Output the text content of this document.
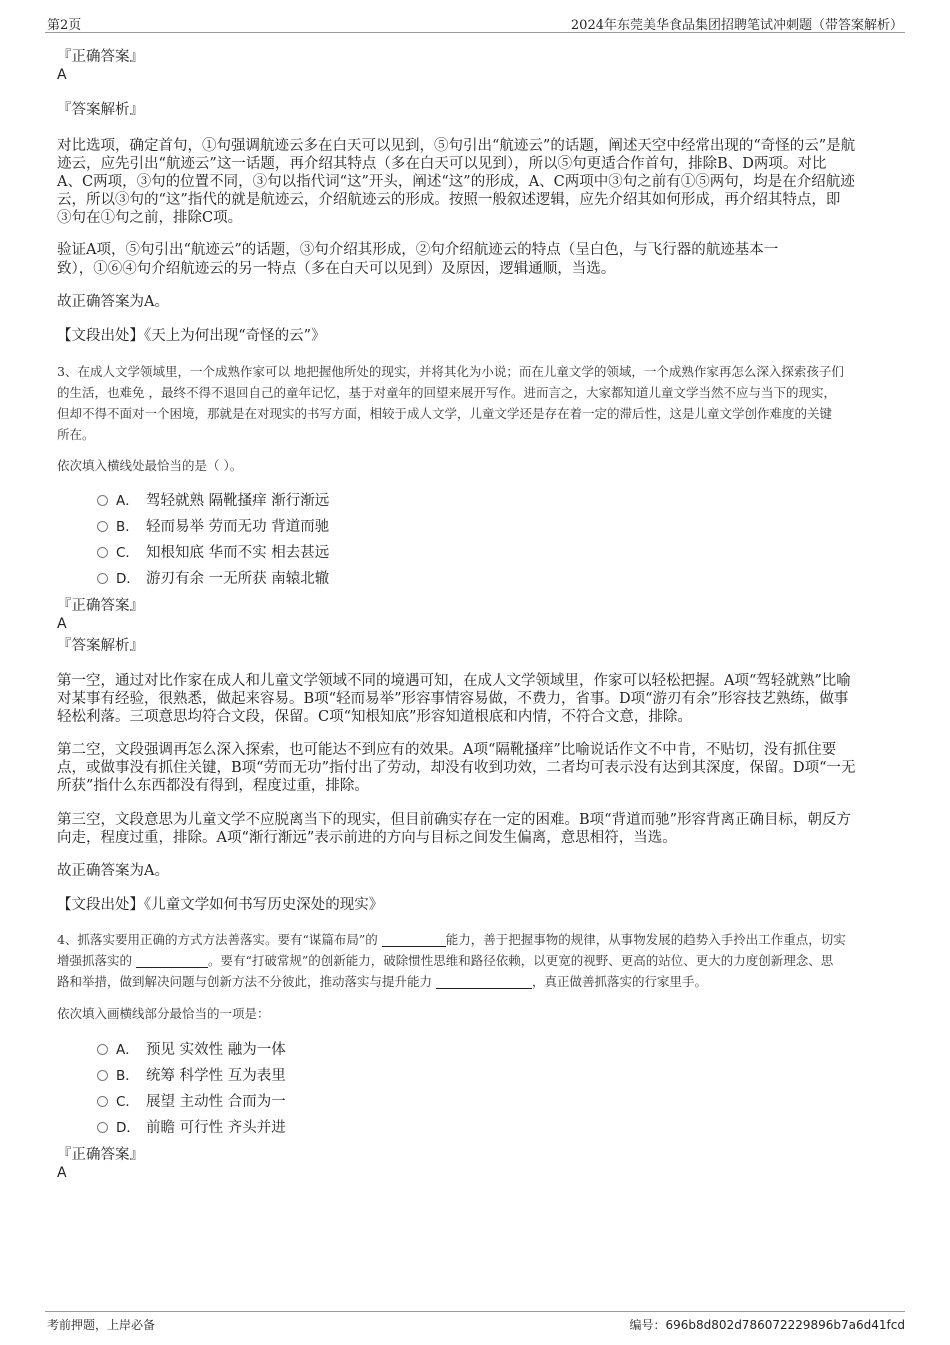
第2页	2024年东莞美华食品集团招聘笔试冲刺题（带答案解析）
『正确答案』
A
『答案解析』
对比选项，确定首句，①句强调航迹云多在白天可以见到，⑤句引出“航迹云”的话题，阐述天空中经常出现的“奇怪的云”是航
迹云，应先引出“航迹云”这一话题，再介绍其特点（多在白天可以见到），所以⑤句更适合作首句，排除B、D两项。对比
A、C两项，③句的位置不同，③句以指代词“这”开头，阐述“这”的形成，A、C两项中③句之前有①⑤两句，均是在介绍航迹
云，所以③句的“这”指代的就是航迹云，介绍航迹云的形成。按照一般叙述逻辑，应先介绍其如何形成，再介绍其特点，即
③句在①句之前，排除C项。
验证A项，⑤句引出“航迹云”的话题，③句介绍其形成，②句介绍航迹云的特点（呈白色，与飞行器的航迹基本一
致），①⑥④句介绍航迹云的另一特点（多在白天可以见到）及原因，逻辑通顺，当选。
故正确答案为A。
【文段出处】《天上为何出现“奇怪的云”》
3、在成人文学领域里，一个成熟作家可以 地把握他所处的现实，并将其化为小说；而在儿童文学的领域，一个成熟作家再怎么深入探索孩子们
的生活，也难免 ，最终不得不退回自己的童年记忆，基于对童年的回望来展开写作。进而言之，大家都知道儿童文学当然不应与当下的现实，
但却不得不面对一个困境，那就是在对现实的书写方面，相较于成人文学，儿童文学还是存在着一定的滞后性，这是儿童文学创作难度的关键
所在。
依次填入横线处最恰当的是（ ）。
A． 驾轻就熟 隔靴搔痒 渐行渐远
B． 轻而易举 劳而无功 背道而驰
C． 知根知底 华而不实 相去甚远
D． 游刃有余 一无所获 南辕北辙
『正确答案』
A
『答案解析』
第一空，通过对比作家在成人和儿童文学领域不同的境遇可知，在成人文学领域里，作家可以轻松把握。A项“驾轻就熟”比喻
对某事有经验，很熟悉，做起来容易。B项“轻而易举”形容事情容易做，不费力，省事。D项“游刃有余”形容技艺熟练，做事
轻松利落。三项意思均符合文段，保留。C项“知根知底”形容知道根底和内情，不符合文意，排除。
第二空，文段强调再怎么深入探索，也可能达不到应有的效果。A项“隔靴搔痒”比喻说话作文不中肯，不贴切，没有抓住要
点，或做事没有抓住关键，B项“劳而无功”指付出了劳动，却没有收到功效，二者均可表示没有达到其深度，保留。D项“一无
所获”指什么东西都没有得到，程度过重，排除。
第三空，文段意思为儿童文学不应脱离当下的现实，但目前确实存在一定的困难。B项“背道而驰”形容背离正确目标，朝反方
向走，程度过重，排除。A项“渐行渐远”表示前进的方向与目标之间发生偏离，意思相符，当选。
故正确答案为A。
【文段出处】《儿童文学如何书写历史深处的现实》
4、抓落实要用正确的方式方法善落实。要有“谋篇布局”的	能力，善于把握事物的规律，从事物发展的趋势入手拎出工作重点，切实
增强抓落实的	。要有“打破常规”的创新能力，破除惯性思维和路径依赖，以更宽的视野、更高的站位、更大的力度创新理念、思
路和举措，做到解决问题与创新方法不分彼此，推动落实与提升能力	，真正做善抓落实的行家里手。
依次填入画横线部分最恰当的一项是：
A． 预见 实效性 融为一体
B． 统筹 科学性 互为表里
C． 展望 主动性 合而为一
D． 前瞻 可行性 齐头并进
『正确答案』
A
考前押题，上岸必备	编号：696b8d802d786072229896b7a6d41fcd
